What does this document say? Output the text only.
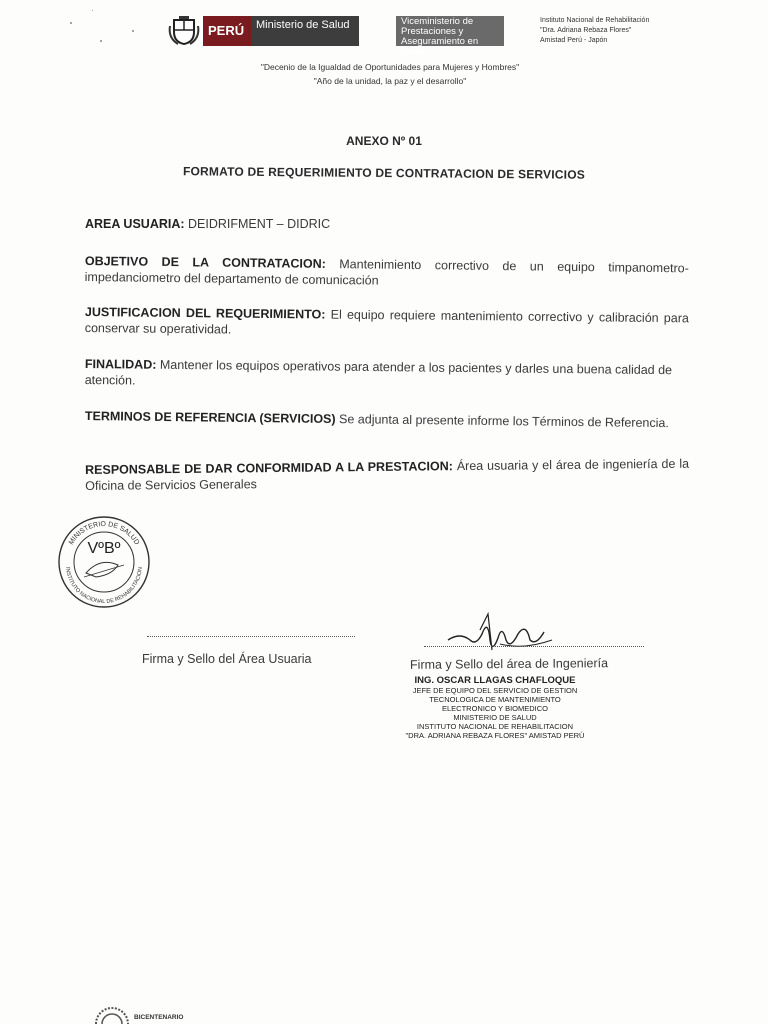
PERÚ	Ministerio de Salud	Viceministerio de Prestaciones y Aseguramiento en Salud
Instituto Nacional de Rehabilitación
"Dra. Adriana Rebaza Flores"
Amistad Perú - Japón
"Decenio de la Igualdad de Oportunidades para Mujeres y Hombres"
"Año de la unidad, la paz y el desarrollo"
ANEXO Nº 01
FORMATO DE REQUERIMIENTO DE CONTRATACION DE SERVICIOS
AREA USUARIA: DEIDRIFMENT – DIDRIC
OBJETIVO DE LA CONTRATACION: Mantenimiento correctivo de un equipo timpanometro-impedanciometro del departamento de comunicación
JUSTIFICACION DEL REQUERIMIENTO: El equipo requiere mantenimiento correctivo y calibración para conservar su operatividad.
FINALIDAD: Mantener los equipos operativos para atender a los pacientes y darles una buena calidad de atención.
TERMINOS DE REFERENCIA (SERVICIOS) Se adjunta al presente informe los Términos de Referencia.
RESPONSABLE DE DAR CONFORMIDAD A LA PRESTACION: Área usuaria y el área de ingeniería de la Oficina de Servicios Generales
MINISTERIO DE SALUD
INSTITUTO NACIONAL DE REHABILITACION
VºBº
Firma y Sello del Área Usuaria	Firma y Sello del área de Ingeniería
ING. OSCAR LLAGAS CHAFLOQUE
JEFE DE EQUIPO DEL SERVICIO DE GESTION
TECNOLOGICA DE MANTENIMIENTO
ELECTRONICO Y BIOMEDICO
MINISTERIO DE SALUD
INSTITUTO NACIONAL DE REHABILITACION
"DRA. ADRIANA REBAZA FLORES" AMISTAD PERÚ
BICENTENARIO
